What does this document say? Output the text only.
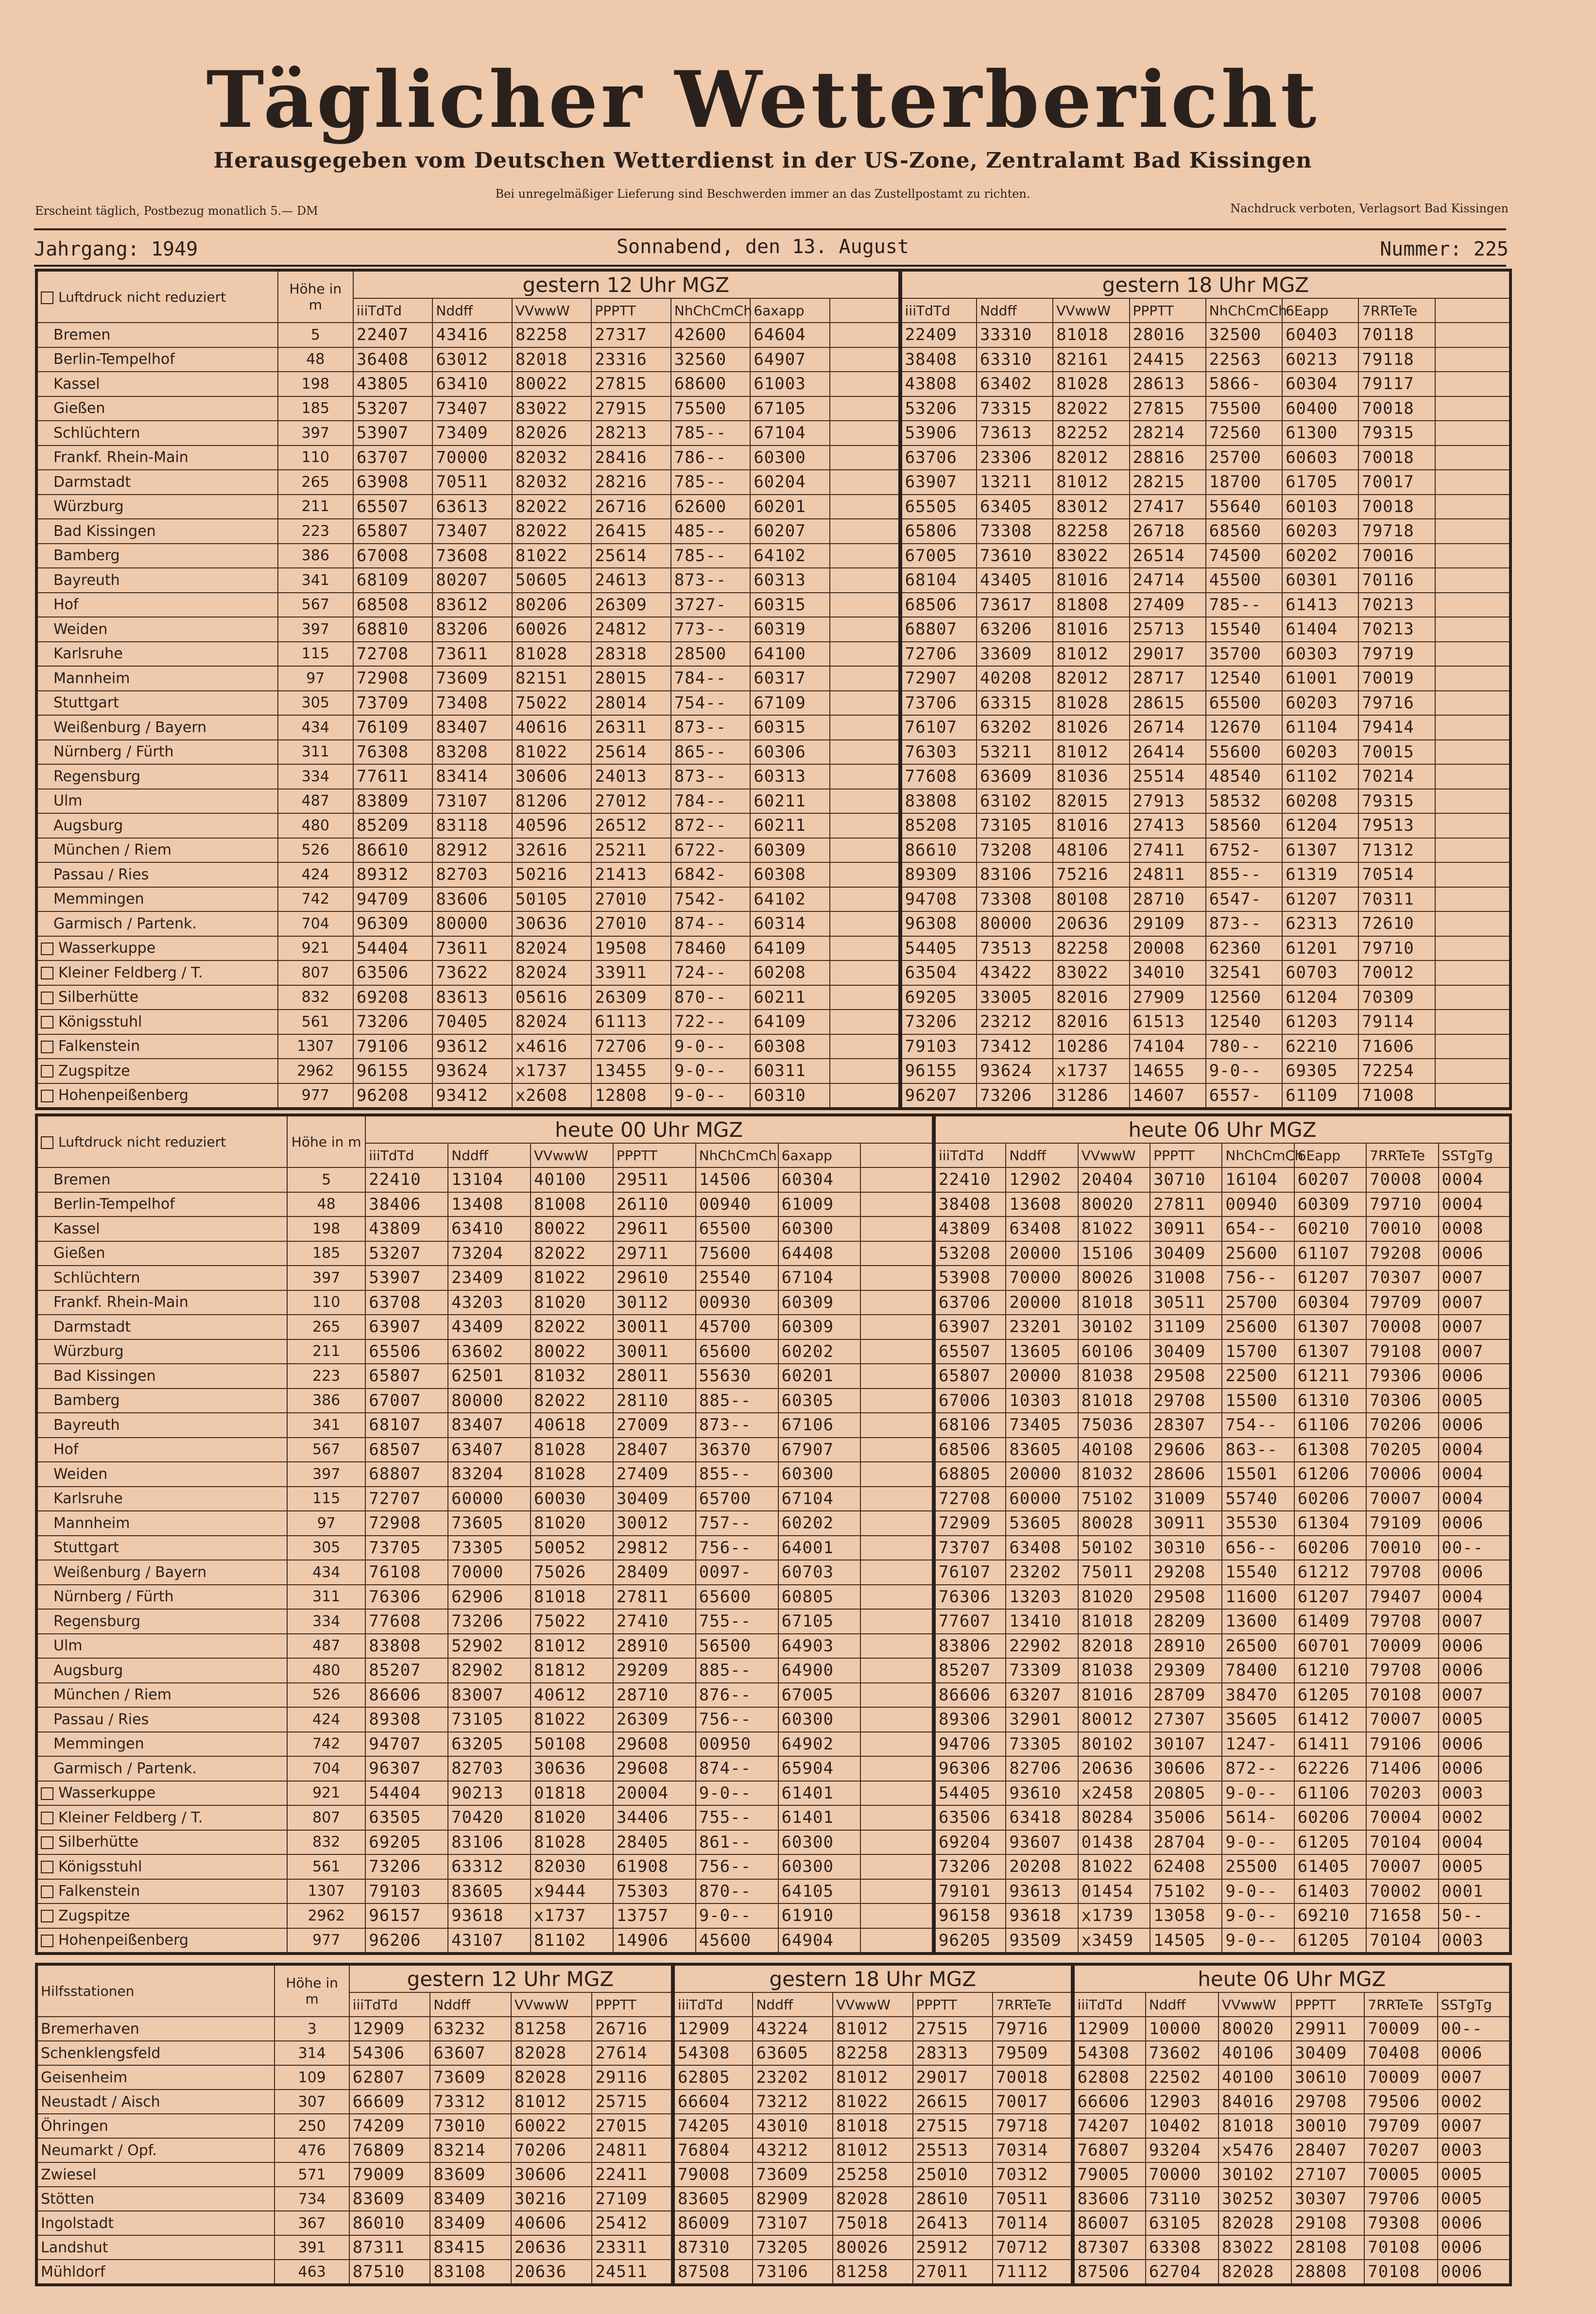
Täglicher Wetterbericht
Herausgegeben vom Deutschen Wetterdienst in der US-Zone, Zentralamt Bad Kissingen
Bei unregelmäßiger Lieferung sind Beschwerden immer an das Zustellpostamt zu richten.
Erscheint täglich, Postbezug monatlich 5.— DM	Nachdruck verboten, Verlagsort Bad Kissingen
Jahrgang: 1949	Sonnabend, den 13. August	Nummer: 225
Luftdruck nicht reduziert	Höhe in m	gestern 12 Uhr MGZ							gestern 18 Uhr MGZ							
		iiiTdTd	Nddff	VVwwW	PPPTT	NhChCmCh	6axapp		iiiTdTd	Nddff	VVwwW	PPPTT	NhChCmCh	6Eapp	7RRTeTe	
Bremen	5	22407	43416	82258	27317	42600	64604		22409	33310	81018	28016	32500	60403	70118	
Berlin-Tempelhof	48	36408	63012	82018	23316	32560	64907		38408	63310	82161	24415	22563	60213	79118	
Kassel	198	43805	63410	80022	27815	68600	61003		43808	63402	81028	28613	5866-	60304	79117	
Gießen	185	53207	73407	83022	27915	75500	67105		53206	73315	82022	27815	75500	60400	70018	
Schlüchtern	397	53907	73409	82026	28213	785--	67104		53906	73613	82252	28214	72560	61300	79315	
Frankf. Rhein-Main	110	63707	70000	82032	28416	786--	60300		63706	23306	82012	28816	25700	60603	70018	
Darmstadt	265	63908	70511	82032	28216	785--	60204		63907	13211	81012	28215	18700	61705	70017	
Würzburg	211	65507	63613	82022	26716	62600	60201		65505	63405	83012	27417	55640	60103	70018	
Bad Kissingen	223	65807	73407	82022	26415	485--	60207		65806	73308	82258	26718	68560	60203	79718	
Bamberg	386	67008	73608	81022	25614	785--	64102		67005	73610	83022	26514	74500	60202	70016	
Bayreuth	341	68109	80207	50605	24613	873--	60313		68104	43405	81016	24714	45500	60301	70116	
Hof	567	68508	83612	80206	26309	3727-	60315		68506	73617	81808	27409	785--	61413	70213	
Weiden	397	68810	83206	60026	24812	773--	60319		68807	63206	81016	25713	15540	61404	70213	
Karlsruhe	115	72708	73611	81028	28318	28500	64100		72706	33609	81012	29017	35700	60303	79719	
Mannheim	97	72908	73609	82151	28015	784--	60317		72907	40208	82012	28717	12540	61001	70019	
Stuttgart	305	73709	73408	75022	28014	754--	67109		73706	63315	81028	28615	65500	60203	79716	
Weißenburg / Bayern	434	76109	83407	40616	26311	873--	60315		76107	63202	81026	26714	12670	61104	79414	
Nürnberg / Fürth	311	76308	83208	81022	25614	865--	60306		76303	53211	81012	26414	55600	60203	70015	
Regensburg	334	77611	83414	30606	24013	873--	60313		77608	63609	81036	25514	48540	61102	70214	
Ulm	487	83809	73107	81206	27012	784--	60211		83808	63102	82015	27913	58532	60208	79315	
Augsburg	480	85209	83118	40596	26512	872--	60211		85208	73105	81016	27413	58560	61204	79513	
München / Riem	526	86610	82912	32616	25211	6722-	60309		86610	73208	48106	27411	6752-	61307	71312	
Passau / Ries	424	89312	82703	50216	21413	6842-	60308		89309	83106	75216	24811	855--	61319	70514	
Memmingen	742	94709	83606	50105	27010	7542-	64102		94708	73308	80108	28710	6547-	61207	70311	
Garmisch / Partenk.	704	96309	80000	30636	27010	874--	60314		96308	80000	20636	29109	873--	62313	72610	
Wasserkuppe	921	54404	73611	82024	19508	78460	64109		54405	73513	82258	20008	62360	61201	79710	
Kleiner Feldberg / T.	807	63506	73622	82024	33911	724--	60208		63504	43422	83022	34010	32541	60703	70012	
Silberhütte	832	69208	83613	05616	26309	870--	60211		69205	33005	82016	27909	12560	61204	70309	
Königsstuhl	561	73206	70405	82024	61113	722--	64109		73206	23212	82016	61513	12540	61203	79114	
Falkenstein	1307	79106	93612	x4616	72706	9-0--	60308		79103	73412	10286	74104	780--	62210	71606	
Zugspitze	2962	96155	93624	x1737	13455	9-0--	60311		96155	93624	x1737	14655	9-0--	69305	72254	
Hohenpeißenberg	977	96208	93412	x2608	12808	9-0--	60310		96207	73206	31286	14607	6557-	61109	71008	
Luftdruck nicht reduziert	Höhe in m	heute 00 Uhr MGZ							heute 06 Uhr MGZ							
		iiiTdTd	Nddff	VVwwW	PPPTT	NhChCmCh	6axapp		iiiTdTd	Nddff	VVwwW	PPPTT	NhChCmCh	6Eapp	7RRTeTe	SSTgTg
Bremen	5	22410	13104	40100	29511	14506	60304		22410	12902	20404	30710	16104	60207	70008	0004
Berlin-Tempelhof	48	38406	13408	81008	26110	00940	61009		38408	13608	80020	27811	00940	60309	79710	0004
Kassel	198	43809	63410	80022	29611	65500	60300		43809	63408	81022	30911	654--	60210	70010	0008
Gießen	185	53207	73204	82022	29711	75600	64408		53208	20000	15106	30409	25600	61107	79208	0006
Schlüchtern	397	53907	23409	81022	29610	25540	67104		53908	70000	80026	31008	756--	61207	70307	0007
Frankf. Rhein-Main	110	63708	43203	81020	30112	00930	60309		63706	20000	81018	30511	25700	60304	79709	0007
Darmstadt	265	63907	43409	82022	30011	45700	60309		63907	23201	30102	31109	25600	61307	70008	0007
Würzburg	211	65506	63602	80022	30011	65600	60202		65507	13605	60106	30409	15700	61307	79108	0007
Bad Kissingen	223	65807	62501	81032	28011	55630	60201		65807	20000	81038	29508	22500	61211	79306	0006
Bamberg	386	67007	80000	82022	28110	885--	60305		67006	10303	81018	29708	15500	61310	70306	0005
Bayreuth	341	68107	83407	40618	27009	873--	67106		68106	73405	75036	28307	754--	61106	70206	0006
Hof	567	68507	63407	81028	28407	36370	67907		68506	83605	40108	29606	863--	61308	70205	0004
Weiden	397	68807	83204	81028	27409	855--	60300		68805	20000	81032	28606	15501	61206	70006	0004
Karlsruhe	115	72707	60000	60030	30409	65700	67104		72708	60000	75102	31009	55740	60206	70007	0004
Mannheim	97	72908	73605	81020	30012	757--	60202		72909	53605	80028	30911	35530	61304	79109	0006
Stuttgart	305	73705	73305	50052	29812	756--	64001		73707	63408	50102	30310	656--	60206	70010	00--
Weißenburg / Bayern	434	76108	70000	75026	28409	0097-	60703		76107	23202	75011	29208	15540	61212	79708	0006
Nürnberg / Fürth	311	76306	62906	81018	27811	65600	60805		76306	13203	81020	29508	11600	61207	79407	0004
Regensburg	334	77608	73206	75022	27410	755--	67105		77607	13410	81018	28209	13600	61409	79708	0007
Ulm	487	83808	52902	81012	28910	56500	64903		83806	22902	82018	28910	26500	60701	70009	0006
Augsburg	480	85207	82902	81812	29209	885--	64900		85207	73309	81038	29309	78400	61210	79708	0006
München / Riem	526	86606	83007	40612	28710	876--	67005		86606	63207	81016	28709	38470	61205	70108	0007
Passau / Ries	424	89308	73105	81022	26309	756--	60300		89306	32901	80012	27307	35605	61412	70007	0005
Memmingen	742	94707	63205	50108	29608	00950	64902		94706	73305	80102	30107	1247-	61411	79106	0006
Garmisch / Partenk.	704	96307	82703	30636	29608	874--	65904		96306	82706	20636	30606	872--	62226	71406	0006
Wasserkuppe	921	54404	90213	01818	20004	9-0--	61401		54405	93610	x2458	20805	9-0--	61106	70203	0003
Kleiner Feldberg / T.	807	63505	70420	81020	34406	755--	61401		63506	63418	80284	35006	5614-	60206	70004	0002
Silberhütte	832	69205	83106	81028	28405	861--	60300		69204	93607	01438	28704	9-0--	61205	70104	0004
Königsstuhl	561	73206	63312	82030	61908	756--	60300		73206	20208	81022	62408	25500	61405	70007	0005
Falkenstein	1307	79103	83605	x9444	75303	870--	64105		79101	93613	01454	75102	9-0--	61403	70002	0001
Zugspitze	2962	96157	93618	x1737	13757	9-0--	61910		96158	93618	x1739	13058	9-0--	69210	71658	50--
Hohenpeißenberg	977	96206	43107	81102	14906	45600	64904		96205	93509	x3459	14505	9-0--	61205	70104	0003
Hilfsstationen	Höhe in m	gestern 12 Uhr MGZ				gestern 18 Uhr MGZ					heute 06 Uhr MGZ					
		iiiTdTd	Nddff	VVwwW	PPPTT	iiiTdTd	Nddff	VVwwW	PPPTT	7RRTeTe	iiiTdTd	Nddff	VVwwW	PPPTT	7RRTeTe	SSTgTg
Bremerhaven	3	12909	63232	81258	26716	12909	43224	81012	27515	79716	12909	10000	80020	29911	70009	00--
Schenklengsfeld	314	54306	63607	82028	27614	54308	63605	82258	28313	79509	54308	73602	40106	30409	70408	0006
Geisenheim	109	62807	73609	82028	29116	62805	23202	81012	29017	70018	62808	22502	40100	30610	70009	0007
Neustadt / Aisch	307	66609	73312	81012	25715	66604	73212	81022	26615	70017	66606	12903	84016	29708	79506	0002
Öhringen	250	74209	73010	60022	27015	74205	43010	81018	27515	79718	74207	10402	81018	30010	79709	0007
Neumarkt / Opf.	476	76809	83214	70206	24811	76804	43212	81012	25513	70314	76807	93204	x5476	28407	70207	0003
Zwiesel	571	79009	83609	30606	22411	79008	73609	25258	25010	70312	79005	70000	30102	27107	70005	0005
Stötten	734	83609	83409	30216	27109	83605	82909	82028	28610	70511	83606	73110	30252	30307	79706	0005
Ingolstadt	367	86010	83409	40606	25412	86009	73107	75018	26413	70114	86007	63105	82028	29108	79308	0006
Landshut	391	87311	83415	20636	23311	87310	73205	80026	25912	70712	87307	63308	83022	28108	70108	0006
Mühldorf	463	87510	83108	20636	24511	87508	73106	81258	27011	71112	87506	62704	82028	28808	70108	0006
